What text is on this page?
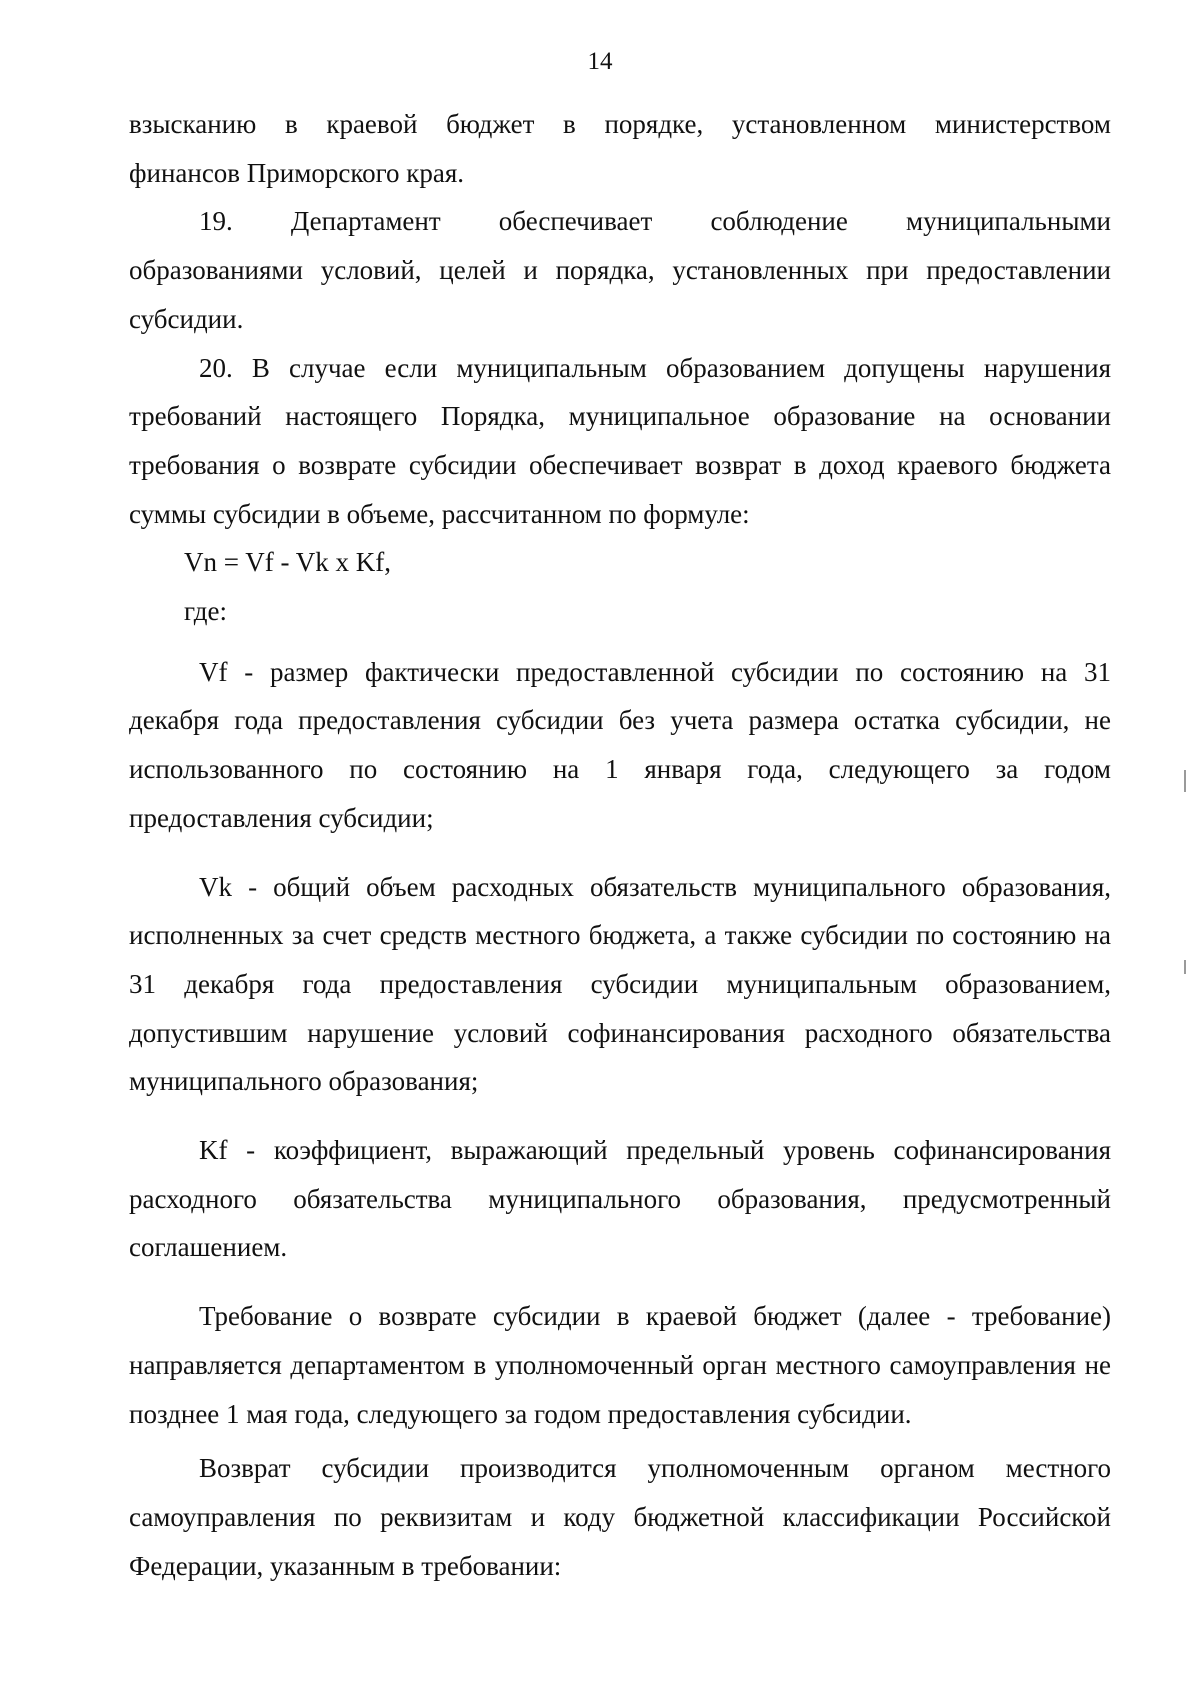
14

взысканию в краевой бюджет в порядке, установленном министерством

финансов Приморского края.

19. Департамент обеспечивает соблюдение муниципальными

образованиями условий, целей и порядка, установленных при предоставлении субсидии.

20. В случае если муниципальным образованием допущены нарушения требований настоящего Порядка, муниципальное образование на основании требования о возврате субсидии обеспечивает возврат в доход краевого бюджета суммы субсидии в объеме, рассчитанном по формуле:

Vn = Vf - Vk x Kf,

где:

Vf - размер фактически предоставленной субсидии по состоянию на 31 декабря года предоставления субсидии без учета размера остатка субсидии, не использованного по состоянию на 1 января года, следующего за годом предоставления субсидии;

Vk - общий объем расходных обязательств муниципального образования, исполненных за счет средств местного бюджета, а также субсидии по состоянию на 31 декабря года предоставления субсидии муниципальным образованием, допустившим нарушение условий софинансирования расходного обязательства муниципального образования;

Kf - коэффициент, выражающий предельный уровень софинансирования расходного обязательства муниципального образования, предусмотренный соглашением.

Требование о возврате субсидии в краевой бюджет (далее - требование) направляется департаментом в уполномоченный орган местного самоуправления не позднее 1 мая года, следующего за годом предоставления субсидии.

Возврат субсидии производится уполномоченным органом местного самоуправления по реквизитам и коду бюджетной классификации Российской Федерации, указанным в требовании:
